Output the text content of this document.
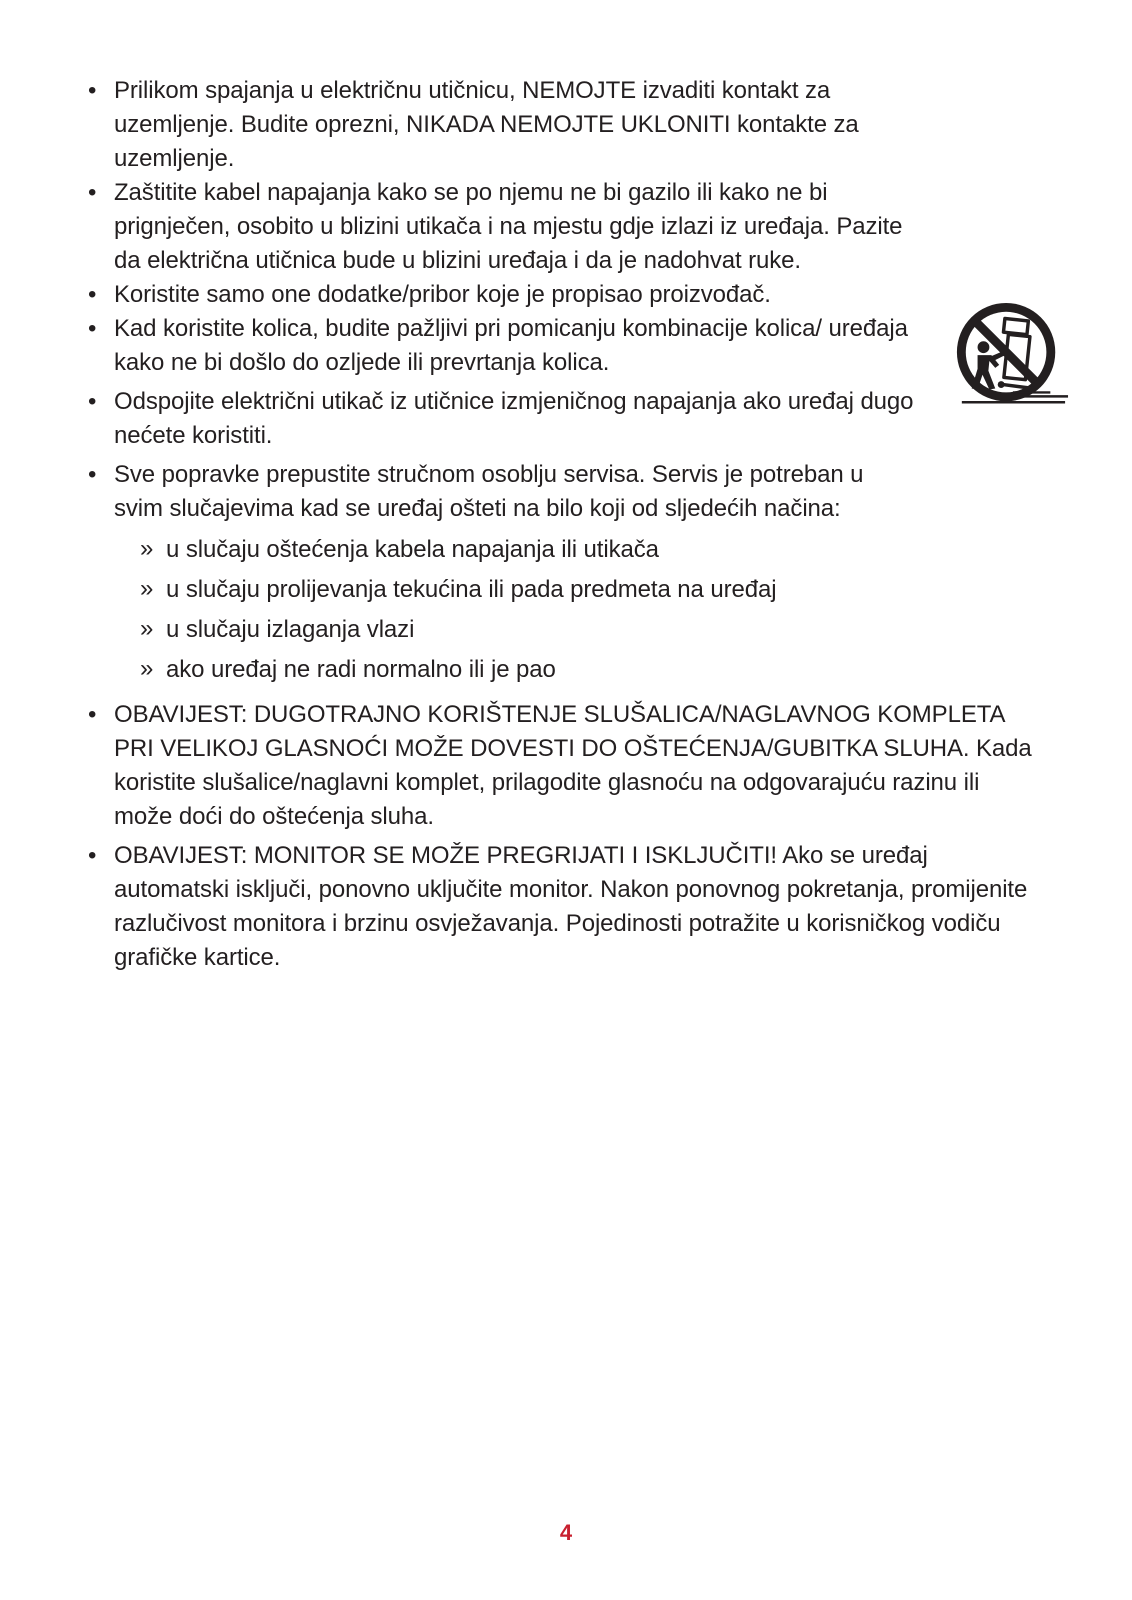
• Prilikom spajanja u električnu utičnicu, NEMOJTE izvaditi kontakt za uzemljenje. Budite oprezni, NIKADA NEMOJTE UKLONITI kontakte za uzemljenje.
• Zaštitite kabel napajanja kako se po njemu ne bi gazilo ili kako ne bi prignječen, osobito u blizini utikača i na mjestu gdje izlazi iz uređaja. Pazite da električna utičnica bude u blizini uređaja i da je nadohvat ruke.
• Koristite samo one dodatke/pribor koje je propisao proizvođač.
• Kad koristite kolica, budite pažljivi pri pomicanju kombinacije kolica/ uređaja kako ne bi došlo do ozljede ili prevrtanja kolica.
• Odspojite električni utikač iz utičnice izmjeničnog napajanja ako uređaj dugo nećete koristiti.
• Sve popravke prepustite stručnom osoblju servisa. Servis je potreban u svim slučajevima kad se uređaj ošteti na bilo koji od sljedećih načina:
» u slučaju oštećenja kabela napajanja ili utikača
» u slučaju prolijevanja tekućina ili pada predmeta na uređaj
» u slučaju izlaganja vlazi
» ako uređaj ne radi normalno ili je pao
• OBAVIJEST: DUGOTRAJNO KORIŠTENJE SLUŠALICA/NAGLAVNOG KOMPLETA PRI VELIKOJ GLASNOĆI MOŽE DOVESTI DO OŠTEĆENJA/GUBITKA SLUHA. Kada koristite slušalice/naglavni komplet, prilagodite glasnoću na odgovarajuću razinu ili može doći do oštećenja sluha.
• OBAVIJEST: MONITOR SE MOŽE PREGRIJATI I ISKLJUČITI! Ako se uređaj automatski isključi, ponovno uključite monitor. Nakon ponovnog pokretanja, promijenite razlučivost monitora i brzinu osvježavanja. Pojedinosti potražite u korisničkog vodiču grafičke kartice.
4
